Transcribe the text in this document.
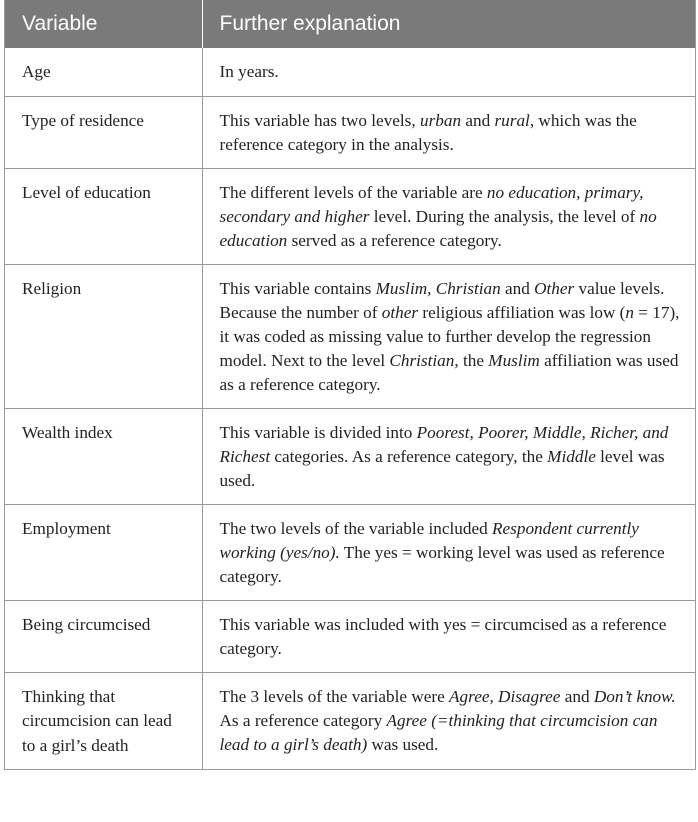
Variable	Further explanation
Age	In years.
Type of residence	This variable has two levels, urban and rural, which was the reference category in the analysis.
Level of education	The different levels of the variable are no education, primary, secondary and higher level. During the analysis, the level of no education served as a reference category.
Religion	This variable contains Muslim, Christian and Other value levels. Because the number of other religious affiliation was low (n = 17), it was coded as missing value to further develop the regression model. Next to the level Christian, the Muslim affiliation was used as a reference category.
Wealth index	This variable is divided into Poorest, Poorer, Middle, Richer, and Richest categories. As a reference category, the Middle level was used.
Employment	The two levels of the variable included Respondent currently working (yes/no). The yes = working level was used as reference category.
Being circumcised	This variable was included with yes = circumcised as a reference category.
Thinking that circumcision can lead to a girl’s death	The 3 levels of the variable were Agree, Disagree and Don’t know. As a reference category Agree (=thinking that circumcision can lead to a girl’s death) was used.
